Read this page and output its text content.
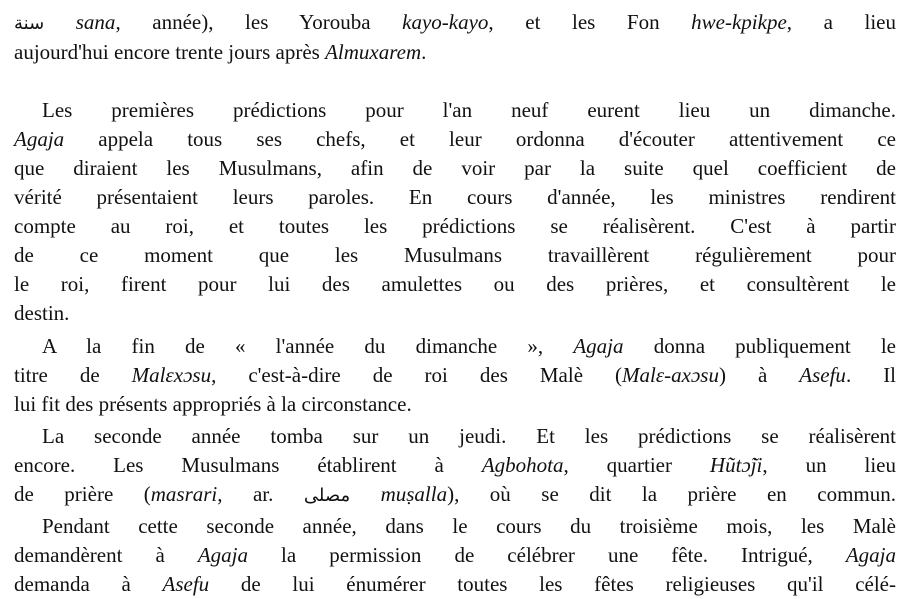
سنة sana, année), les Yorouba kayo-kayo, et les Fon hwe-kpikpe, a lieu
aujourd'hui encore trente jours après Almuxarem.
Les premières prédictions pour l'an neuf eurent lieu un dimanche.
Agaja appela tous ses chefs, et leur ordonna d'écouter attentivement ce
que diraient les Musulmans, afin de voir par la suite quel coefficient de
vérité présentaient leurs paroles. En cours d'année, les ministres rendirent
compte au roi, et toutes les prédictions se réalisèrent. C'est à partir
de ce moment que les Musulmans travaillèrent régulièrement pour
le roi, firent pour lui des amulettes ou des prières, et consultèrent le
destin.
A la fin de « l'année du dimanche », Agaja donna publiquement le
titre de Malɛxɔsu, c'est-à-dire de roi des Malè (Malɛ-axɔsu) à Asefu. Il
lui fit des présents appropriés à la circonstance.
La seconde année tomba sur un jeudi. Et les prédictions se réalisèrent
encore. Les Musulmans établirent à Agbohota, quartier Hũtɔ̃ji, un lieu
de prière (masrari, ar. مصلى muṣalla), où se dit la prière en commun.
Pendant cette seconde année, dans le cours du troisième mois, les Malè
demandèrent à Agaja la permission de célébrer une fête. Intrigué, Agaja
demanda à Asefu de lui énumérer toutes les fêtes religieuses qu'il célé-
